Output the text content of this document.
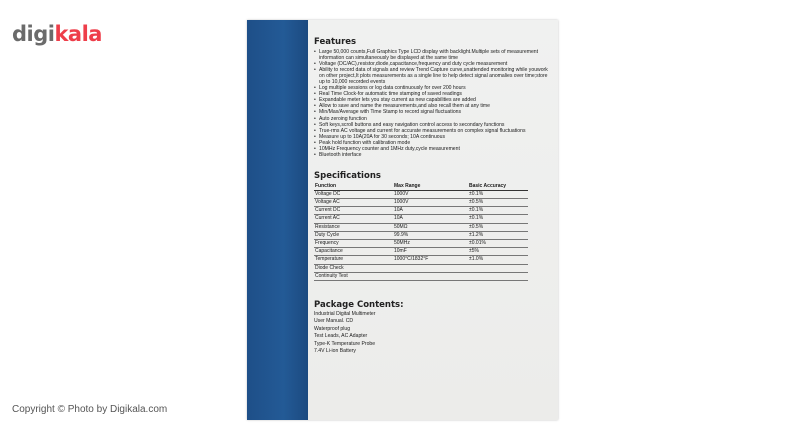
digikala	Features
• Large 50,000 counts,Full Graphics Type LCD display with backlight.Multiple sets of measurement information can simultaneously be displayed at the same time
• Voltage (DC/AC),resistor,diode,capacitance,frequency and duty cycle measurement
• Ability to record data of signals and review Trend Capture curve,unattended monitoring while youwork on other project,It plots measurements as a single line to help detect signal anomalies over time;store up to 10,000 recorded events
• Log multiple sessions or log data continuously for over 200 hours
• Real Time Clock-for automatic time stamping of saved readings
• Expandable meter lets you stay current as new capabilities are added
• Allow to save and name the measurements,and also recall them at any time
• Min/Max/Average with Time Stamp to record signal fluctuations
• Auto zeroing function
• Soft keys,scroll buttons and easy navigation control access to secondary functions
• True-rms AC voltage and current for accurate measurements on complex signal fluctuations
• Measure up to 10A(20A for 30 seconds; 10A continuous
• Peak hold function with calibration mode
• 10MHz Frequency counter and 1MHz duty,cycle measurement
• Bluetooth interface
Specifications
Function	Max Range	Basic Accuracy
Voltage DC	1000V	±0.1%
Voltage AC	1000V	±0.5%
Current DC	10A	±0.1%
Current AC	10A	±0.1%
Resistance	50MΩ	±0.5%
Duty Cycle	99.9%	±1.2%
Frequency	50MHz	±0.01%
Capacitance	10mF	±5%
Temperature	1000°C/1832°F	±1.0%
Diode Check		
Continuity Test		
Package Contents:
Industrial Digital Multimeter
User Manual. CD
Waterproof plug
Test Leads, AC Adapter
Type-K Temperature Probe
7.4V Li-ion Battery
Copyright © Photo by Digikala.com
